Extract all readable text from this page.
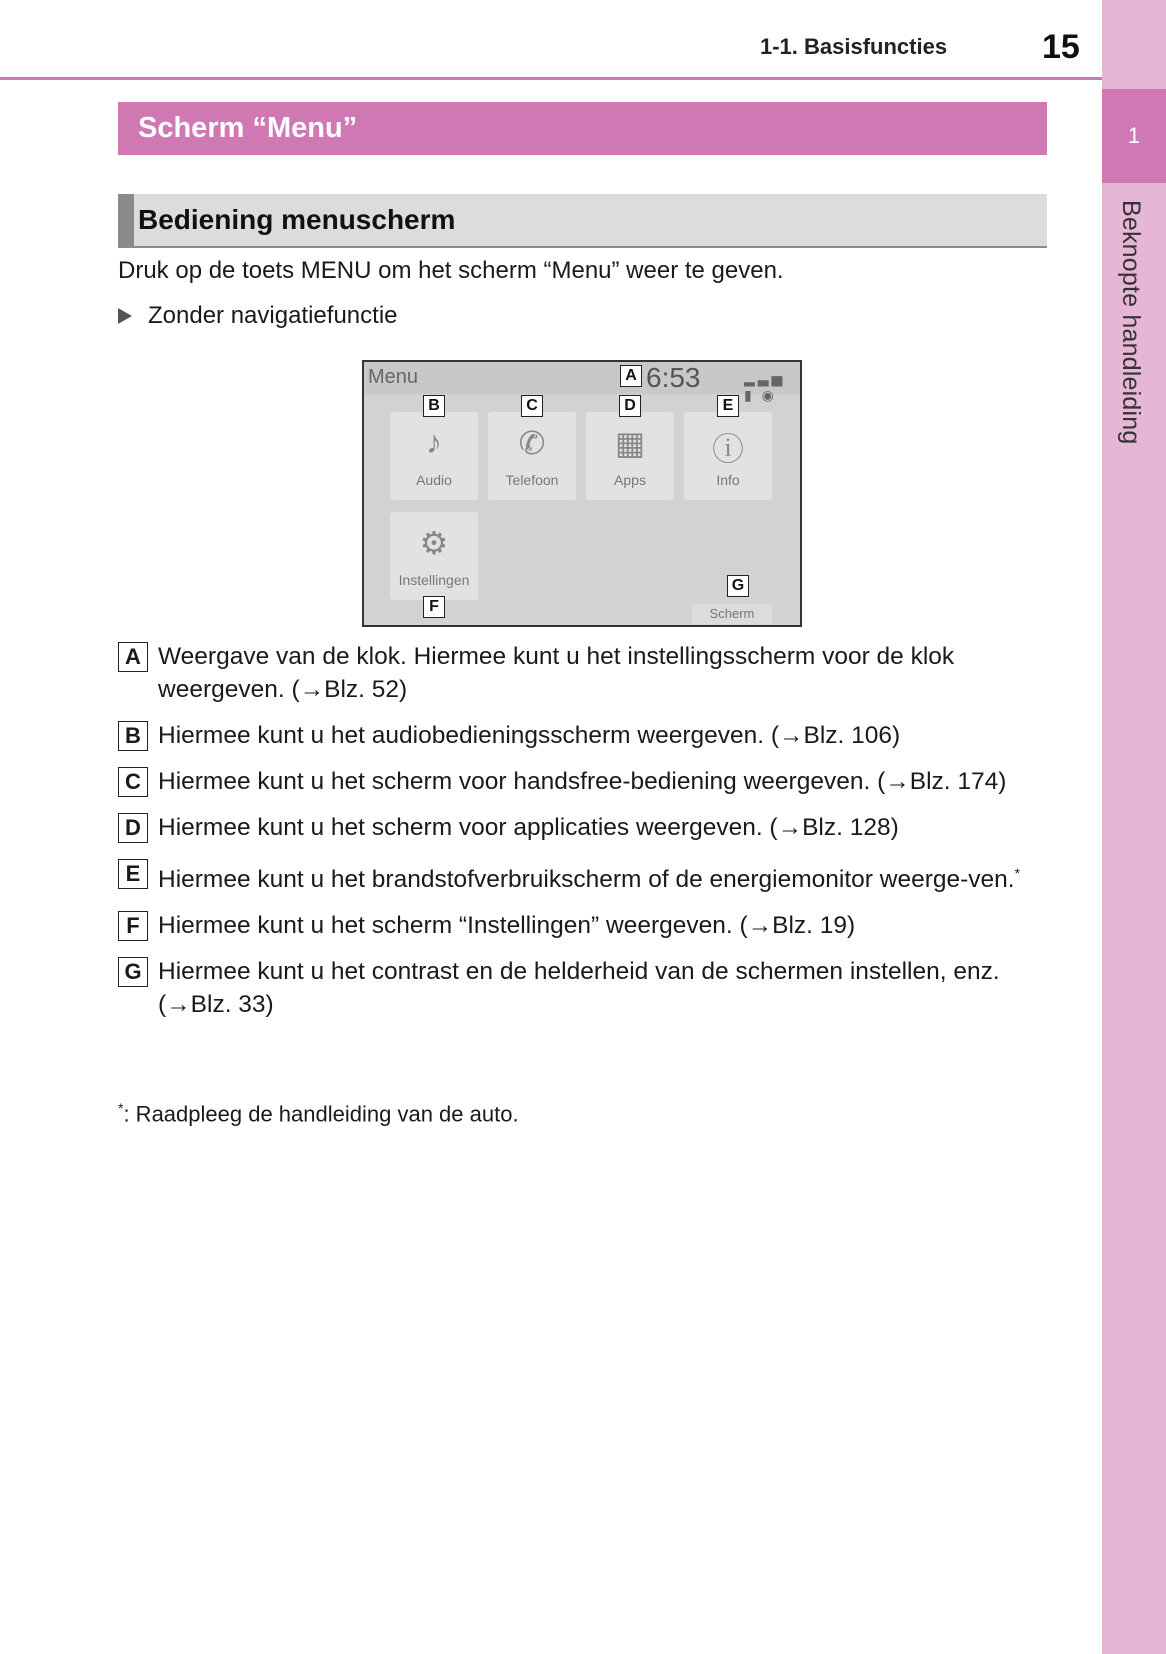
1
Beknopte handleiding
1-1. Basisfuncties	15
Scherm “Menu”
Bediening menuscherm
Druk op de toets MENU om het scherm “Menu” weer te geven.
Zonder navigatiefunctie
Menu	A 6:53	▂▃▅ ▮ ◉
♪
Audio
✆
Telefoon
▦
Apps
ⓘ
Info
⚙
Instellingen
B	C	D	E
F
G
Scherm
A Weergave van de klok. Hiermee kunt u het instellingsscherm voor de klok weergeven. (→Blz. 52)
B Hiermee kunt u het audiobedieningsscherm weergeven. (→Blz. 106)
C Hiermee kunt u het scherm voor handsfree-bediening weergeven. (→Blz. 174)
D Hiermee kunt u het scherm voor applicaties weergeven. (→Blz. 128)
E Hiermee kunt u het brandstofverbruikscherm of de energiemonitor weerge-ven.*
F Hiermee kunt u het scherm “Instellingen” weergeven. (→Blz. 19)
G Hiermee kunt u het contrast en de helderheid van de schermen instellen, enz. (→Blz. 33)
*: Raadpleeg de handleiding van de auto.
